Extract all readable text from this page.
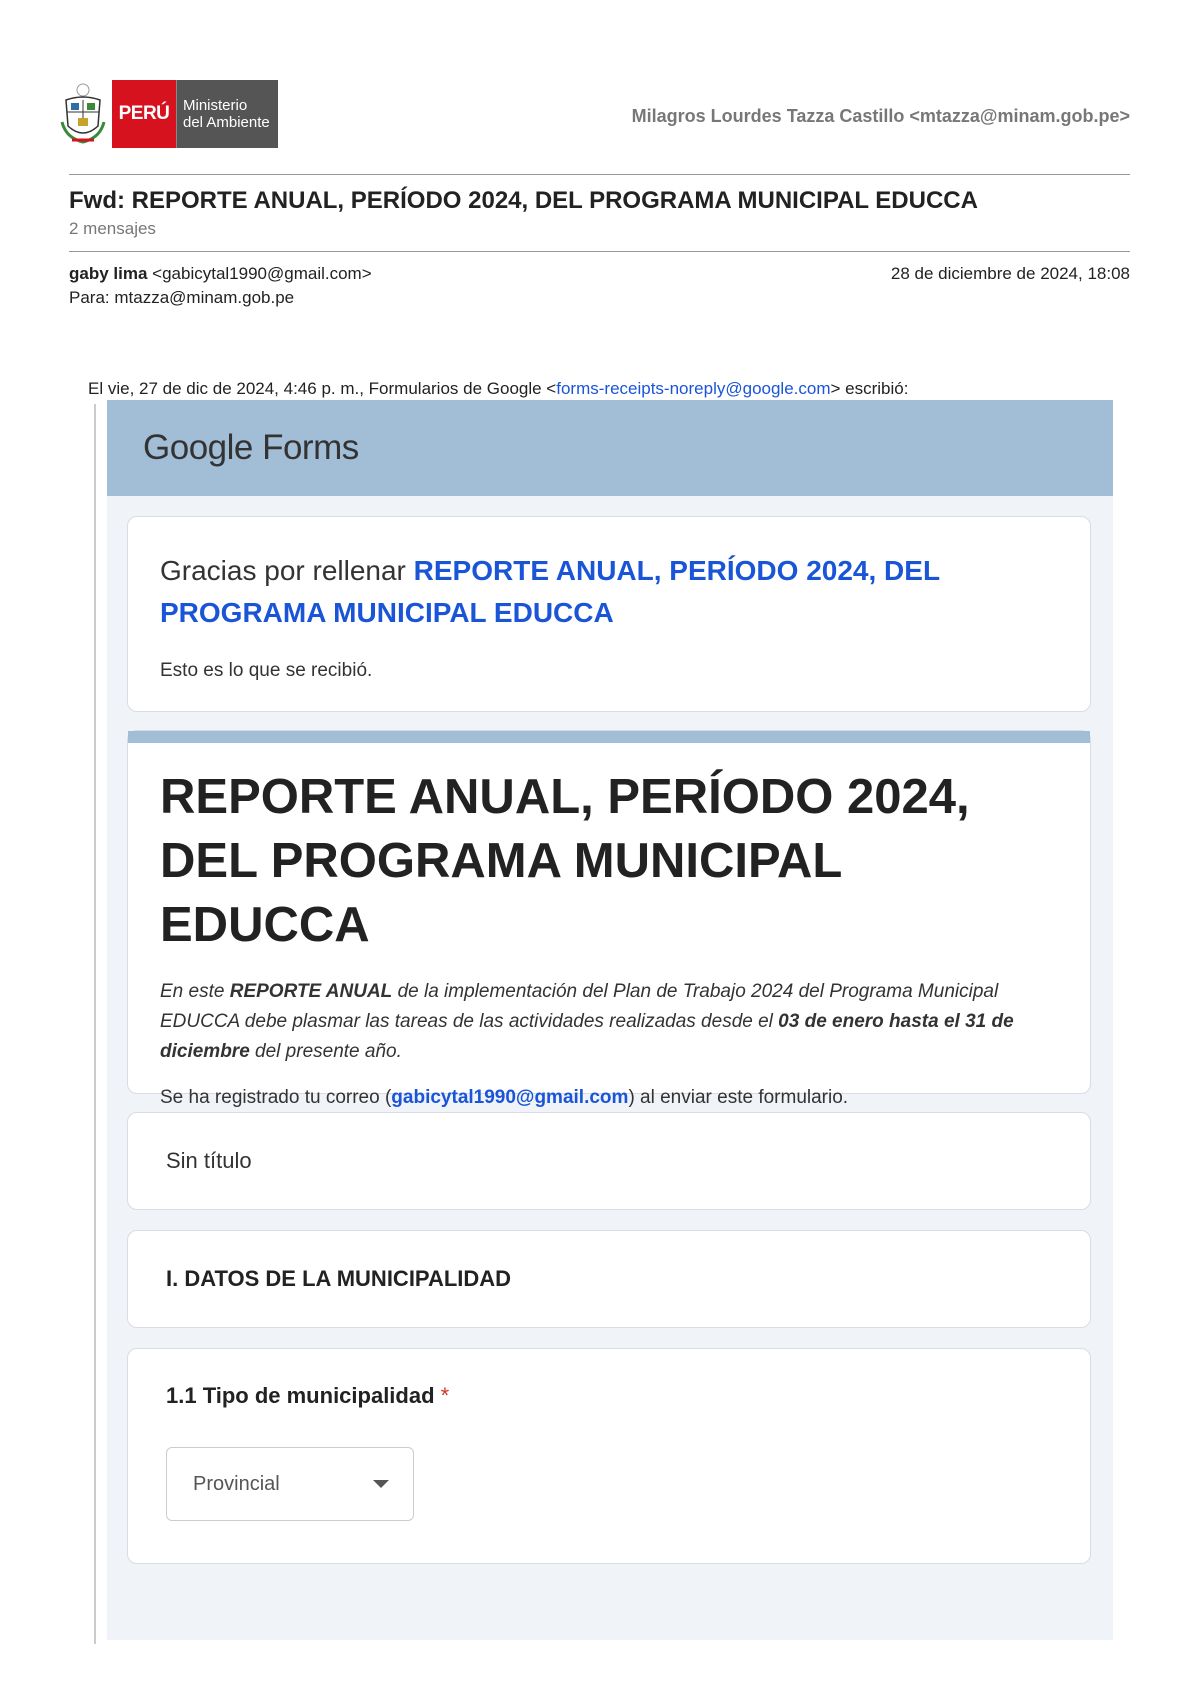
PERÚ Ministerio
del Ambiente	Milagros Lourdes Tazza Castillo <mtazza@minam.gob.pe>
Fwd: REPORTE ANUAL, PERÍODO 2024, DEL PROGRAMA MUNICIPAL EDUCCA
2 mensajes
gaby lima <gabicytal1990@gmail.com>	28 de diciembre de 2024, 18:08
Para: mtazza@minam.gob.pe
El vie, 27 de dic de 2024, 4:46 p. m., Formularios de Google <forms-receipts-noreply@google.com> escribió:
Google Forms
Gracias por rellenar REPORTE ANUAL, PERÍODO 2024, DEL PROGRAMA MUNICIPAL EDUCCA
Esto es lo que se recibió.
REPORTE ANUAL, PERÍODO 2024, DEL PROGRAMA MUNICIPAL EDUCCA
En este REPORTE ANUAL de la implementación del Plan de Trabajo 2024 del Programa Municipal EDUCCA debe plasmar las tareas de las actividades realizadas desde el 03 de enero hasta el 31 de diciembre del presente año.
Se ha registrado tu correo (gabicytal1990@gmail.com) al enviar este formulario.
Sin título
I. DATOS DE LA MUNICIPALIDAD
1.1 Tipo de municipalidad *
Provincial
